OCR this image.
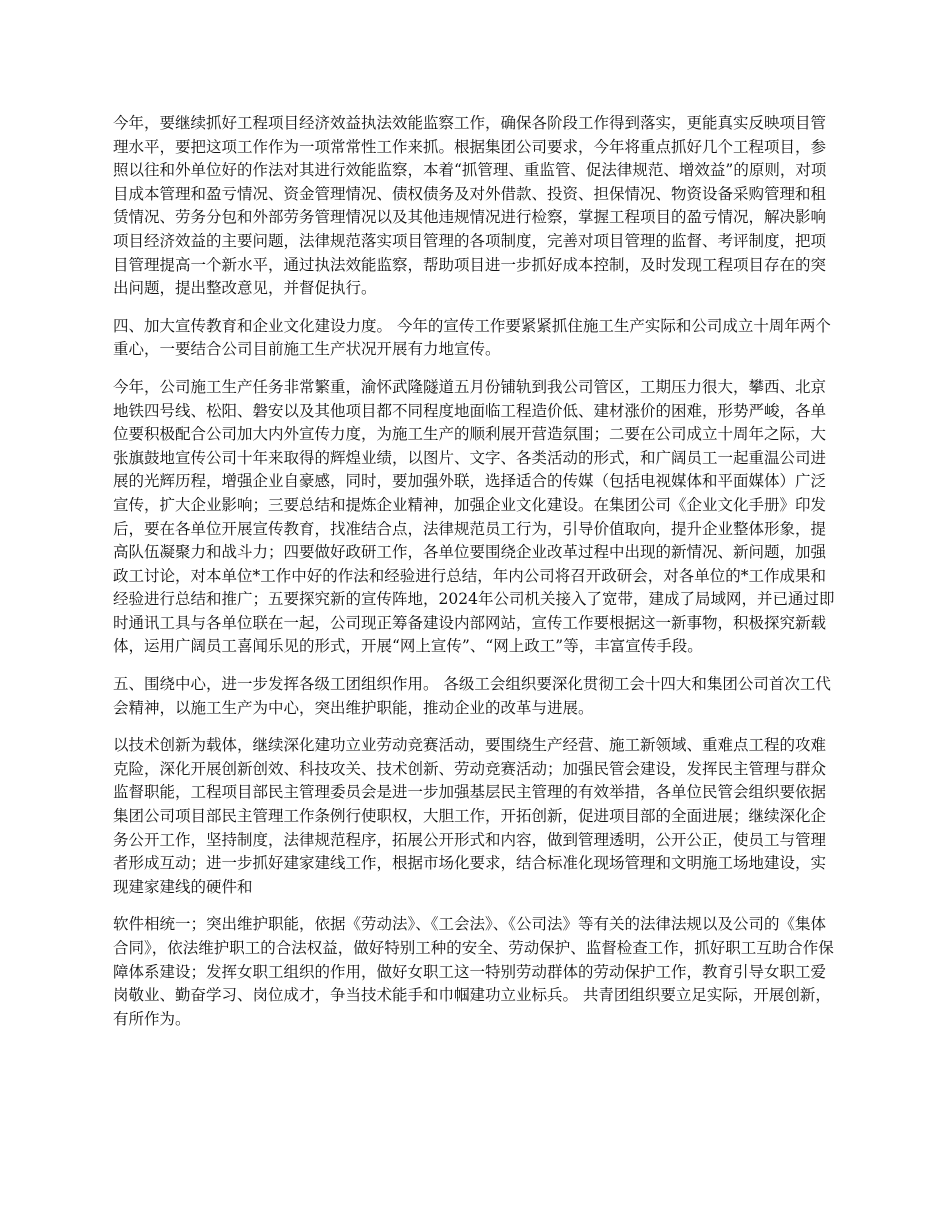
今年，要继续抓好工程项目经济效益执法效能监察工作，确保各阶段工作得到落实，更能真实反映项目管理水平，要把这项工作作为一项常常性工作来抓。根据集团公司要求，今年将重点抓好几个工程项目，参照以往和外单位好的作法对其进行效能监察，本着“抓管理、重监管、促法律规范、增效益”的原则，对项目成本管理和盈亏情况、资金管理情况、债权债务及对外借款、投资、担保情况、物资设备采购管理和租赁情况、劳务分包和外部劳务管理情况以及其他违规情况进行检察，掌握工程项目的盈亏情况，解决影响项目经济效益的主要问题，法律规范落实项目管理的各项制度，完善对项目管理的监督、考评制度，把项目管理提高一个新水平，通过执法效能监察，帮助项目进一步抓好成本控制，及时发现工程项目存在的突出问题，提出整改意见，并督促执行。

四、加大宣传教育和企业文化建设力度。 今年的宣传工作要紧紧抓住施工生产实际和公司成立十周年两个重心，一要结合公司目前施工生产状况开展有力地宣传。

今年，公司施工生产任务非常繁重，渝怀武隆隧道五月份铺轨到我公司管区，工期压力很大，攀西、北京地铁四号线、松阳、磐安以及其他项目都不同程度地面临工程造价低、建材涨价的困难，形势严峻，各单位要积极配合公司加大内外宣传力度，为施工生产的顺利展开营造氛围；二要在公司成立十周年之际，大张旗鼓地宣传公司十年来取得的辉煌业绩，以图片、文字、各类活动的形式，和广阔员工一起重温公司进展的光辉历程，增强企业自豪感，同时，要加强外联，选择适合的传媒（包括电视媒体和平面媒体）广泛宣传，扩大企业影响；三要总结和提炼企业精神，加强企业文化建设。在集团公司《企业文化手册》印发后，要在各单位开展宣传教育，找准结合点，法律规范员工行为，引导价值取向，提升企业整体形象，提高队伍凝聚力和战斗力；四要做好政研工作，各单位要围绕企业改革过程中出现的新情况、新问题，加强政工讨论，对本单位*工作中好的作法和经验进行总结，年内公司将召开政研会，对各单位的*工作成果和经验进行总结和推广；五要探究新的宣传阵地，2024年公司机关接入了宽带，建成了局域网，并已通过即时通讯工具与各单位联在一起，公司现正筹备建设内部网站，宣传工作要根据这一新事物，积极探究新载体，运用广阔员工喜闻乐见的形式，开展“网上宣传”、“网上政工”等，丰富宣传手段。

五、围绕中心，进一步发挥各级工团组织作用。 各级工会组织要深化贯彻工会十四大和集团公司首次工代会精神，以施工生产为中心，突出维护职能，推动企业的改革与进展。

以技术创新为载体，继续深化建功立业劳动竞赛活动，要围绕生产经营、施工新领域、重难点工程的攻难克险，深化开展创新创效、科技攻关、技术创新、劳动竞赛活动；加强民管会建设，发挥民主管理与群众监督职能，工程项目部民主管理委员会是进一步加强基层民主管理的有效举措，各单位民管会组织要依据集团公司项目部民主管理工作条例行使职权，大胆工作，开拓创新，促进项目部的全面进展；继续深化企务公开工作，坚持制度，法律规范程序，拓展公开形式和内容，做到管理透明，公开公正，使员工与管理者形成互动；进一步抓好建家建线工作，根据市场化要求，结合标准化现场管理和文明施工场地建设，实现建家建线的硬件和

软件相统一；突出维护职能，依据《劳动法》、《工会法》、《公司法》等有关的法律法规以及公司的《集体合同》，依法维护职工的合法权益，做好特别工种的安全、劳动保护、监督检查工作，抓好职工互助合作保障体系建设；发挥女职工组织的作用，做好女职工这一特别劳动群体的劳动保护工作，教育引导女职工爱岗敬业、勤奋学习、岗位成才，争当技术能手和巾帼建功立业标兵。 共青团组织要立足实际，开展创新，有所作为。
